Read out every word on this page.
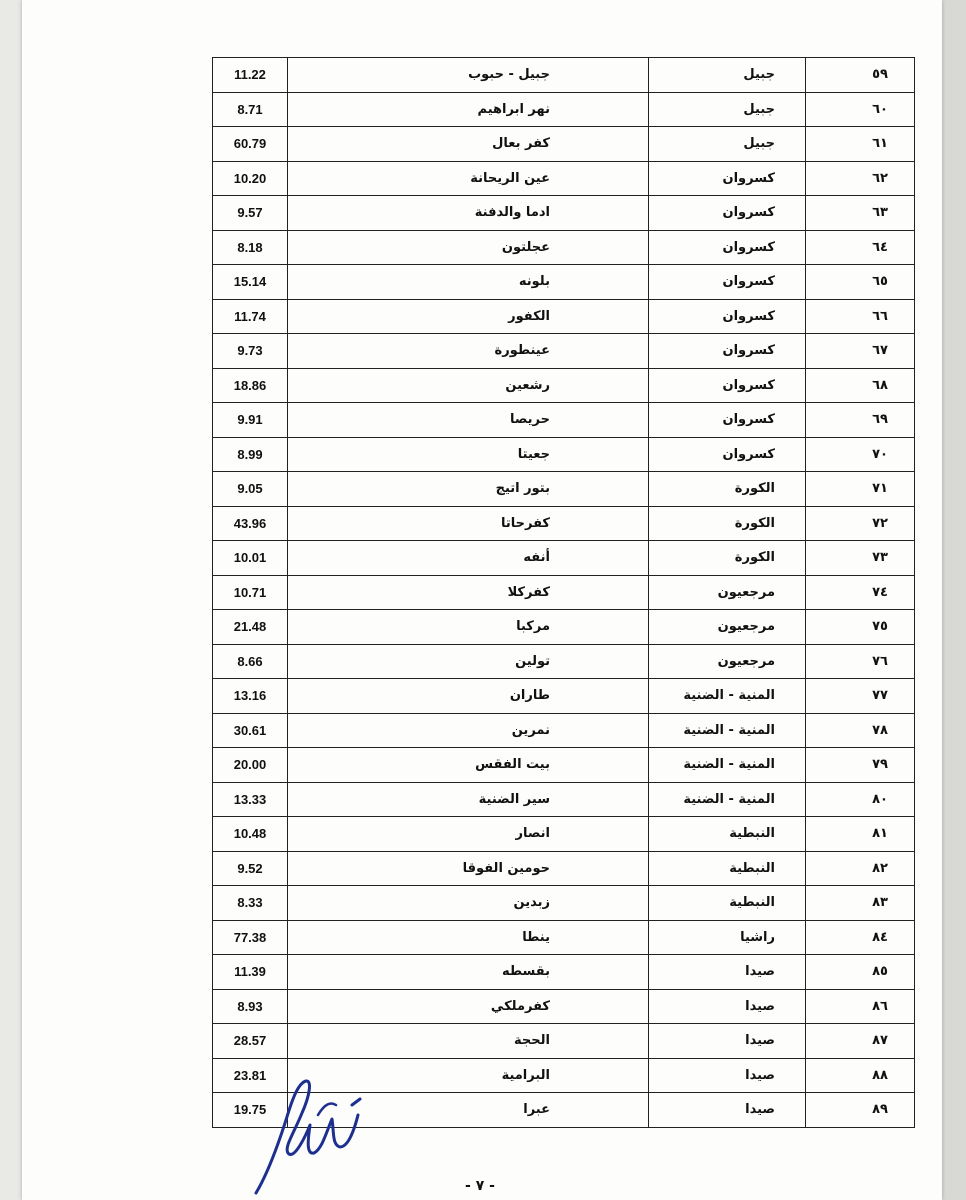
11.22	جبيل - حبوب	جبيل	٥٩
8.71	نهر ابراهيم	جبيل	٦٠
60.79	كفر بعال	جبيل	٦١
10.20	عين الريحانة	كسروان	٦٢
9.57	ادما والدفنة	كسروان	٦٣
8.18	عجلتون	كسروان	٦٤
15.14	بلونه	كسروان	٦٥
11.74	الكفور	كسروان	٦٦
9.73	عينطورة	كسروان	٦٧
18.86	رشعين	كسروان	٦٨
9.91	حريصا	كسروان	٦٩
8.99	جعيتا	كسروان	٧٠
9.05	بتور اتيج	الكورة	٧١
43.96	كفرحاتا	الكورة	٧٢
10.01	أنفه	الكورة	٧٣
10.71	كفركلا	مرجعيون	٧٤
21.48	مركبا	مرجعيون	٧٥
8.66	تولين	مرجعيون	٧٦
13.16	طاران	المنية - الضنية	٧٧
30.61	نمرين	المنية - الضنية	٧٨
20.00	بيت الفقس	المنية - الضنية	٧٩
13.33	سير الضنية	المنية - الضنية	٨٠
10.48	انصار	النبطية	٨١
9.52	حومين الفوقا	النبطية	٨٢
8.33	زبدين	النبطية	٨٣
77.38	ينطا	راشيا	٨٤
11.39	بقسطه	صيدا	٨٥
8.93	كفرملكي	صيدا	٨٦
28.57	الحجة	صيدا	٨٧
23.81	البرامية	صيدا	٨٨
19.75	عبرا	صيدا	٨٩
- ٧ -
